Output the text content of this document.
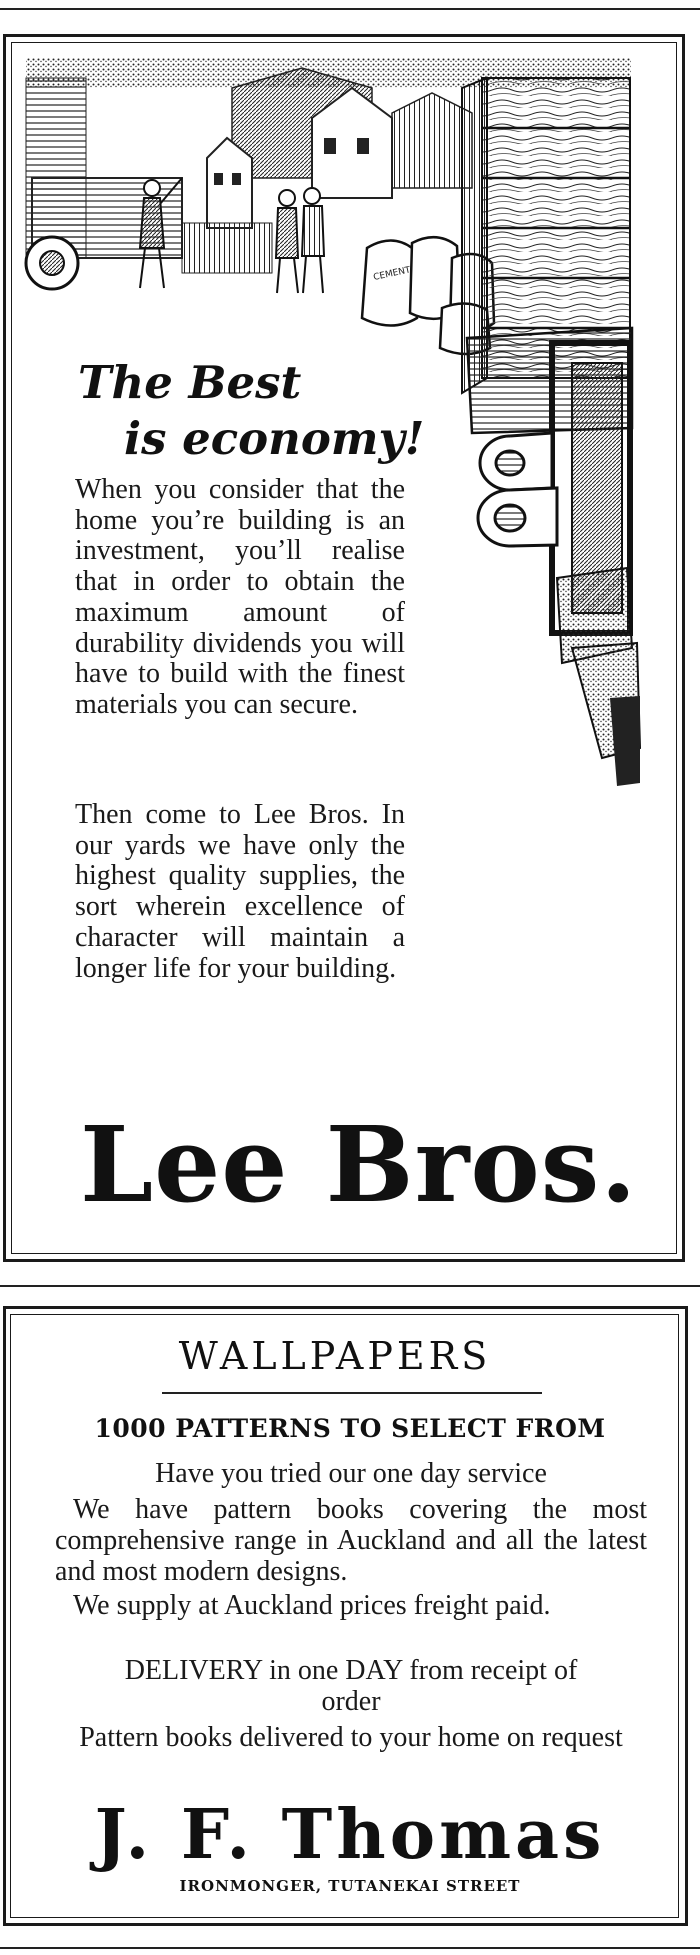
CEMENT
The Best
is economy!

When you consider that the home you’re building is an investment, you’ll realise that in order to obtain the maximum amount of durability dividends you will have to build with the finest materials you can secure.

Then come to Lee Bros. In our yards we have only the highest quality supplies, the sort wherein excellence of character will maintain a longer life for your building.

Lee Bros.
WALLPAPERS
1000 PATTERNS TO SELECT FROM

Have you tried our one day service

We have pattern books covering the most comprehensive range in Auckland and all the latest and most modern designs.

We supply at Auckland prices freight paid.

DELIVERY in one DAY from receipt of order

Pattern books delivered to your home on request

J. F. Thomas
IRONMONGER, TUTANEKAI STREET
